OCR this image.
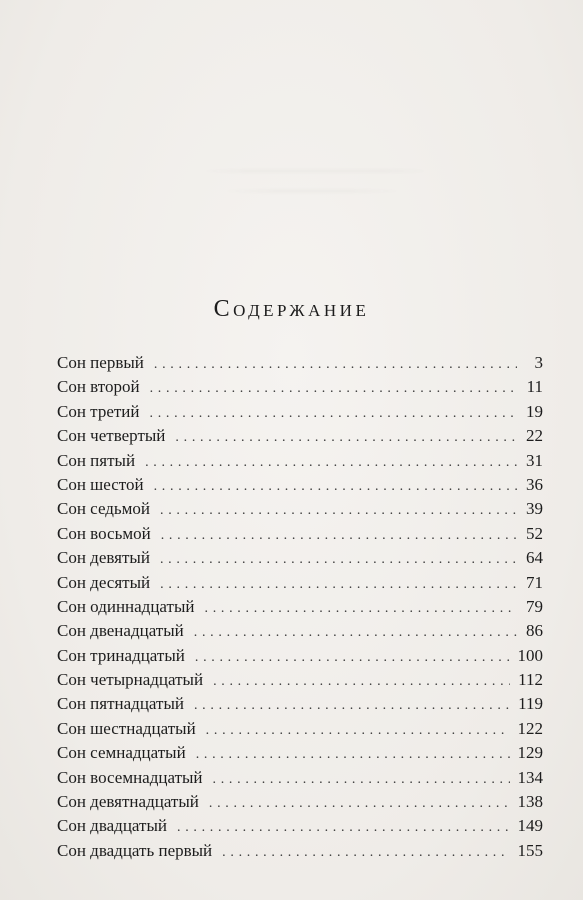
Содержание
Сон первый . . .	3
Сон второй . . .	11
Сон третий . . .	19
Сон четвертый . . .	22
Сон пятый . . .	31
Сон шестой . . .	36
Сон седьмой . . .	39
Сон восьмой . . .	52
Сон девятый . . .	64
Сон десятый . . .	71
Сон одиннадцатый . . .	79
Сон двенадцатый . . .	86
Сон тринадцатый . . .	100
Сон четырнадцатый . . .	112
Сон пятнадцатый . . .	119
Сон шестнадцатый . . .	122
Сон семнадцатый . . .	129
Сон восемнадцатый . . .	134
Сон девятнадцатый . . .	138
Сон двадцатый . . .	149
Сон двадцать первый . . .	155
